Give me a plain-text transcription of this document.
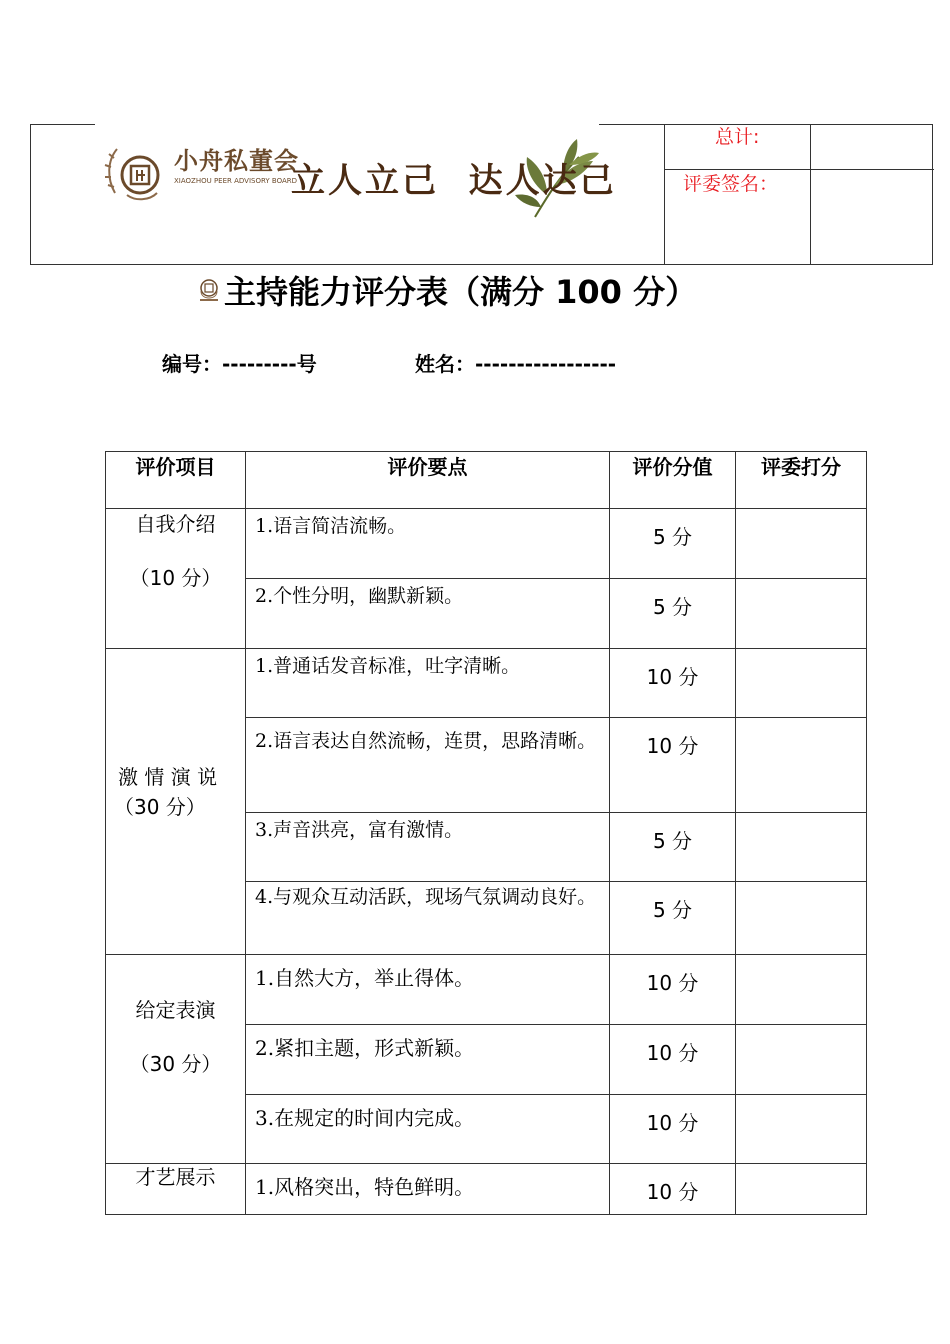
小舟私董会
XIAOZHOU PEER ADVISORY BOARD
立人立己  达人达己
总计:
评委签名：
主持能力评分表（满分 100 分）
编号：---------号	姓名：-----------------
评价项目	评价要点	评价分值	评委打分

自我介绍
（10 分）	1.语言简洁流畅。	5 分	
	2.个性分明，幽默新颖。	5 分	

激 情 演 说
（30 分）	1.普通话发音标准，吐字清晰。	10 分	
	2.语言表达自然流畅，连贯，思路清晰。	10 分	
	3.声音洪亮，富有激情。	5 分	
	4.与观众互动活跃，现场气氛调动良好。	5 分	

给定表演
（30 分）	1.自然大方，举止得体。	10 分	
	2.紧扣主题，形式新颖。	10 分	
	3.在规定的时间内完成。	10 分	

才艺展示	1.风格突出，特色鲜明。	10 分	
